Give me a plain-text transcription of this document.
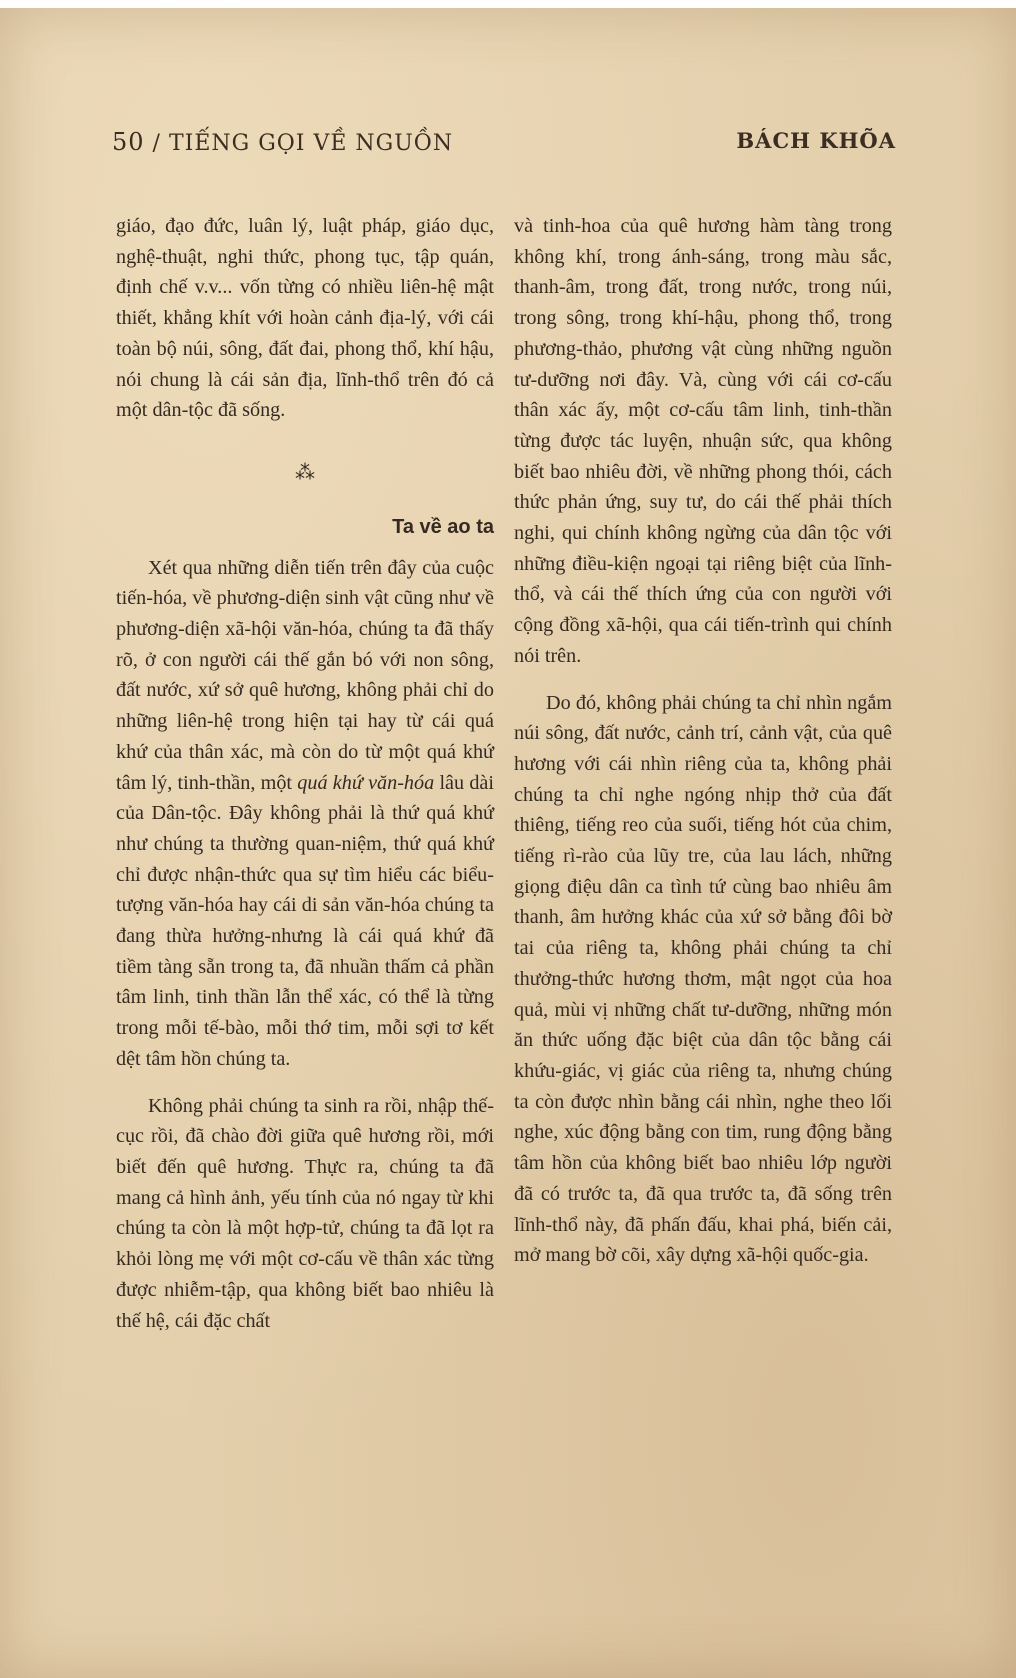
50 / TIẾNG GỌI VỀ NGUỒN	BÁCH KHÕA

giáo, đạo đức, luân lý, luật pháp, giáo dục, nghệ-thuật, nghi thức, phong tục, tập quán, định chế v.v... vốn từng có nhiều liên-hệ mật thiết, khẳng khít với hoàn cảnh địa-lý, với cái toàn bộ núi, sông, đất đai, phong thổ, khí hậu, nói chung là cái sản địa, lĩnh-thổ trên đó cả một dân-tộc đã sống.

⁂
Ta về ao ta

Xét qua những diễn tiến trên đây của cuộc tiến-hóa, về phương-diện sinh vật cũng như về phương-diện xã-hội văn-hóa, chúng ta đã thấy rõ, ở con người cái thế gắn bó với non sông, đất nước, xứ sở quê hương, không phải chỉ do những liên-hệ trong hiện tại hay từ cái quá khứ của thân xác, mà còn do từ một quá khứ tâm lý, tinh-thần, một quá khứ văn-hóa lâu dài của Dân-tộc. Đây không phải là thứ quá khứ như chúng ta thường quan-niệm, thứ quá khứ chỉ được nhận-thức qua sự tìm hiểu các biểu-tượng văn-hóa hay cái di sản văn-hóa chúng ta đang thừa hưởng-nhưng là cái quá khứ đã tiềm tàng sẵn trong ta, đã nhuần thấm cả phần tâm linh, tinh thần lẫn thể xác, có thể là từng trong mỗi tế-bào, mỗi thớ tim, mỗi sợi tơ kết dệt tâm hồn chúng ta.

Không phải chúng ta sinh ra rồi, nhập thế-cục rồi, đã chào đời giữa quê hương rồi, mới biết đến quê hương. Thực ra, chúng ta đã mang cả hình ảnh, yếu tính của nó ngay từ khi chúng ta còn là một hợp-tử, chúng ta đã lọt ra khỏi lòng mẹ với một cơ-cấu về thân xác từng được nhiễm-tập, qua không biết bao nhiêu là thế hệ, cái đặc chất

và tinh-hoa của quê hương hàm tàng trong không khí, trong ánh-sáng, trong màu sắc, thanh-âm, trong đất, trong nước, trong núi, trong sông, trong khí-hậu, phong thổ, trong phương-thảo, phương vật cùng những nguồn tư-dưỡng nơi đây. Và, cùng với cái cơ-cấu thân xác ấy, một cơ-cấu tâm linh, tinh-thần từng được tác luyện, nhuận sức, qua không biết bao nhiêu đời, về những phong thói, cách thức phản ứng, suy tư, do cái thế phải thích nghi, qui chính không ngừng của dân tộc với những điều-kiện ngoại tại riêng biệt của lĩnh-thổ, và cái thế thích ứng của con người với cộng đồng xã-hội, qua cái tiến-trình qui chính nói trên.

Do đó, không phải chúng ta chỉ nhìn ngắm núi sông, đất nước, cảnh trí, cảnh vật, của quê hương với cái nhìn riêng của ta, không phải chúng ta chỉ nghe ngóng nhịp thở của đất thiêng, tiếng reo của suối, tiếng hót của chim, tiếng rì-rào của lũy tre, của lau lách, những giọng điệu dân ca tình tứ cùng bao nhiêu âm thanh, âm hưởng khác của xứ sở bằng đôi bờ tai của riêng ta, không phải chúng ta chỉ thưởng-thức hương thơm, mật ngọt của hoa quả, mùi vị những chất tư-dưỡng, những món ăn thức uống đặc biệt của dân tộc bằng cái khứu-giác, vị giác của riêng ta, nhưng chúng ta còn được nhìn bằng cái nhìn, nghe theo lối nghe, xúc động bằng con tim, rung động bằng tâm hồn của không biết bao nhiêu lớp người đã có trước ta, đã qua trước ta, đã sống trên lĩnh-thổ này, đã phấn đấu, khai phá, biến cải, mở mang bờ cõi, xây dựng xã-hội quốc-gia.
